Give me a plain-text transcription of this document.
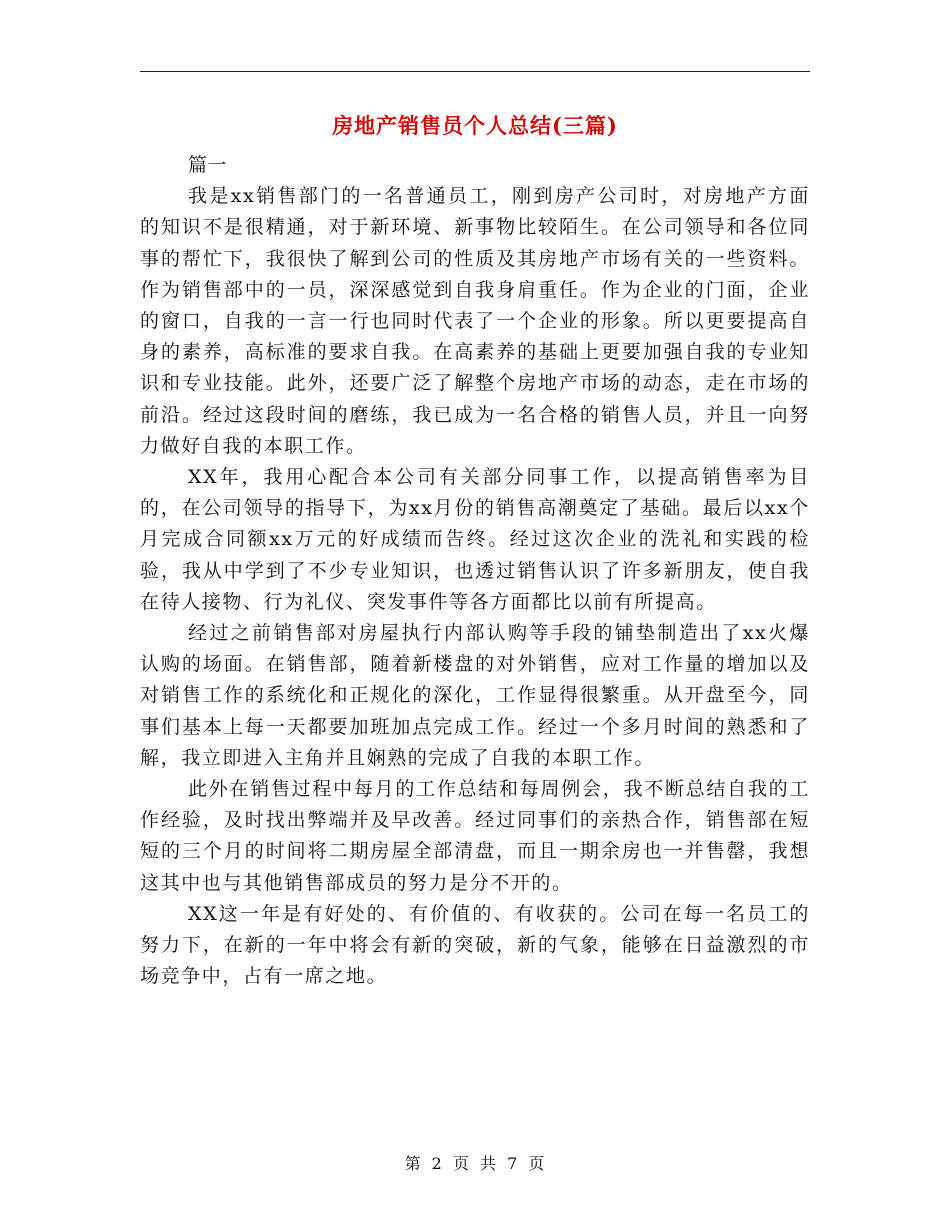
房地产销售员个人总结(三篇)

篇一

我是xx销售部门的一名普通员工，刚到房产公司时，对房地产方面的知识不是很精通，对于新环境、新事物比较陌生。在公司领导和各位同事的帮忙下，我很快了解到公司的性质及其房地产市场有关的一些资料。作为销售部中的一员，深深感觉到自我身肩重任。作为企业的门面，企业的窗口，自我的一言一行也同时代表了一个企业的形象。所以更要提高自身的素养，高标准的要求自我。在高素养的基础上更要加强自我的专业知识和专业技能。此外，还要广泛了解整个房地产市场的动态，走在市场的前沿。经过这段时间的磨练，我已成为一名合格的销售人员，并且一向努力做好自我的本职工作。

XX年，我用心配合本公司有关部分同事工作，以提高销售率为目的，在公司领导的指导下，为xx月份的销售高潮奠定了基础。最后以xx个月完成合同额xx万元的好成绩而告终。经过这次企业的洗礼和实践的检验，我从中学到了不少专业知识，也透过销售认识了许多新朋友，使自我在待人接物、行为礼仪、突发事件等各方面都比以前有所提高。

经过之前销售部对房屋执行内部认购等手段的铺垫制造出了xx火爆认购的场面。在销售部，随着新楼盘的对外销售，应对工作量的增加以及对销售工作的系统化和正规化的深化，工作显得很繁重。从开盘至今，同事们基本上每一天都要加班加点完成工作。经过一个多月时间的熟悉和了解，我立即进入主角并且娴熟的完成了自我的本职工作。

此外在销售过程中每月的工作总结和每周例会，我不断总结自我的工作经验，及时找出弊端并及早改善。经过同事们的亲热合作，销售部在短短的三个月的时间将二期房屋全部清盘，而且一期余房也一并售罄，我想这其中也与其他销售部成员的努力是分不开的。

XX这一年是有好处的、有价值的、有收获的。公司在每一名员工的努力下，在新的一年中将会有新的突破，新的气象，能够在日益激烈的市场竞争中，占有一席之地。

第 2 页 共 7 页
